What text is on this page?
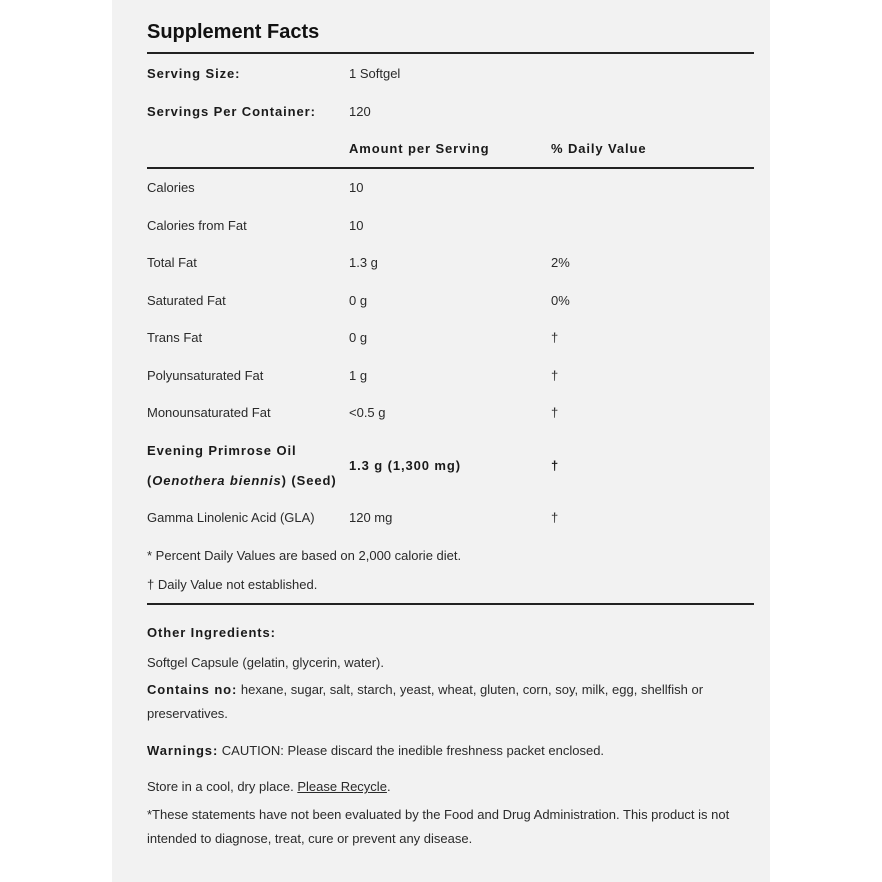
Supplement Facts
Serving Size:	1 Softgel
Servings Per Container:	120
Amount per Serving	% Daily Value
Calories	10
Calories from Fat	10
Total Fat	1.3 g	2%
Saturated Fat	0 g	0%
Trans Fat	0 g	†
Polyunsaturated Fat	1 g	†
Monounsaturated Fat	<0.5 g	†
Evening Primrose Oil
(Oenothera biennis) (Seed)
1.3 g (1,300 mg)	†
Gamma Linolenic Acid (GLA)	120 mg	†
* Percent Daily Values are based on 2,000 calorie diet.
† Daily Value not established.
Other Ingredients:
Softgel Capsule (gelatin, glycerin, water).
Contains no: hexane, sugar, salt, starch, yeast, wheat, gluten, corn, soy, milk, egg, shellfish or preservatives.
Warnings: CAUTION: Please discard the inedible freshness packet enclosed.
Store in a cool, dry place. Please Recycle.
*These statements have not been evaluated by the Food and Drug Administration. This product is not intended to diagnose, treat, cure or prevent any disease.
